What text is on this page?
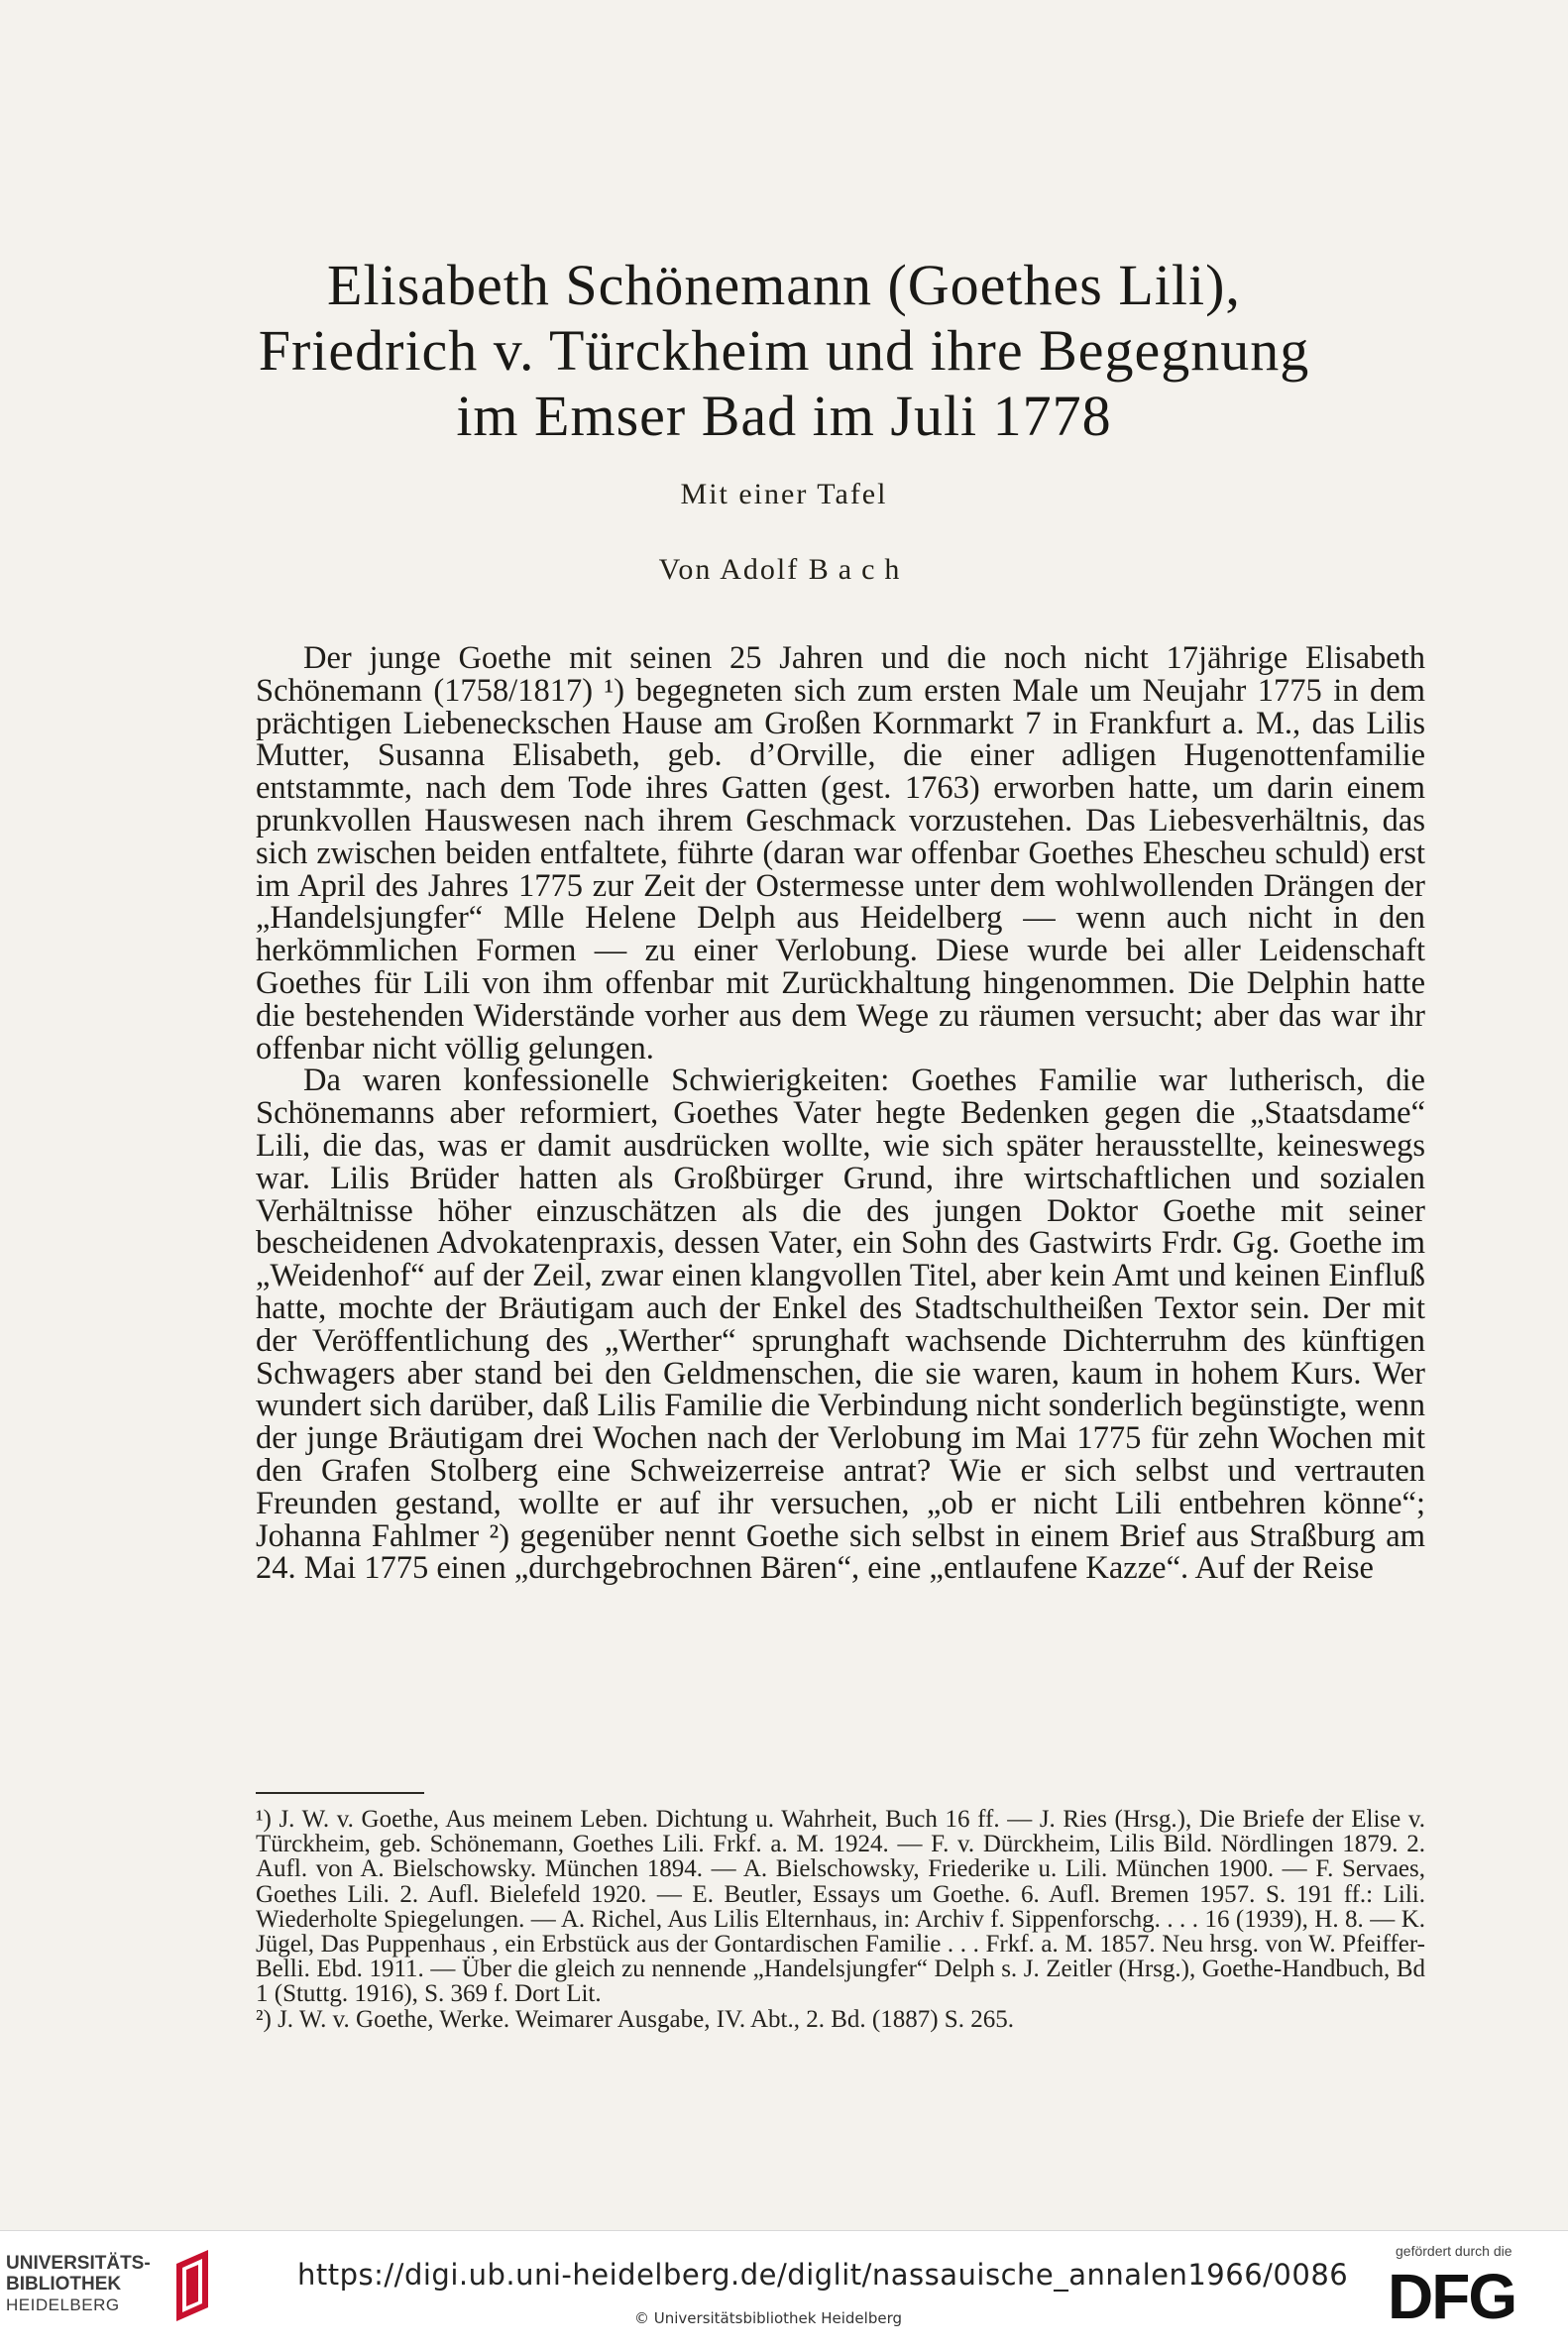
Elisabeth Schönemann (Goethes Lili),
Friedrich v. Türckheim und ihre Begegnung
im Emser Bad im Juli 1778
Mit einer Tafel
Von Adolf Bach

Der junge Goethe mit seinen 25 Jahren und die noch nicht 17jährige Elisabeth Schönemann (1758/1817) ¹) begegneten sich zum ersten Male um Neujahr 1775 in dem prächtigen Liebeneckschen Hause am Großen Kornmarkt 7 in Frankfurt a. M., das Lilis Mutter, Susanna Elisabeth, geb. d’Orville, die einer adligen Hugenottenfamilie entstammte, nach dem Tode ihres Gatten (gest. 1763) erworben hatte, um darin einem prunkvollen Hauswesen nach ihrem Geschmack vorzustehen. Das Liebesverhältnis, das sich zwischen beiden entfaltete, führte (daran war offenbar Goethes Ehescheu schuld) erst im April des Jahres 1775 zur Zeit der Ostermesse unter dem wohlwollenden Drängen der „Handelsjungfer“ Mlle Helene Delph aus Heidelberg — wenn auch nicht in den herkömmlichen Formen — zu einer Verlobung. Diese wurde bei aller Leidenschaft Goethes für Lili von ihm offenbar mit Zurückhaltung hingenommen. Die Delphin hatte die bestehenden Widerstände vorher aus dem Wege zu räumen versucht; aber das war ihr offenbar nicht völlig gelungen.

Da waren konfessionelle Schwierigkeiten: Goethes Familie war lutherisch, die Schönemanns aber reformiert, Goethes Vater hegte Bedenken gegen die „Staatsdame“ Lili, die das, was er damit ausdrücken wollte, wie sich später herausstellte, keineswegs war. Lilis Brüder hatten als Großbürger Grund, ihre wirtschaftlichen und sozialen Verhältnisse höher einzuschätzen als die des jungen Doktor Goethe mit seiner bescheidenen Advokatenpraxis, dessen Vater, ein Sohn des Gastwirts Frdr. Gg. Goethe im „Weidenhof“ auf der Zeil, zwar einen klangvollen Titel, aber kein Amt und keinen Einfluß hatte, mochte der Bräutigam auch der Enkel des Stadtschultheißen Textor sein. Der mit der Veröffentlichung des „Werther“ sprunghaft wachsende Dichterruhm des künftigen Schwagers aber stand bei den Geldmenschen, die sie waren, kaum in hohem Kurs. Wer wundert sich darüber, daß Lilis Familie die Verbindung nicht sonderlich begünstigte, wenn der junge Bräutigam drei Wochen nach der Verlobung im Mai 1775 für zehn Wochen mit den Grafen Stolberg eine Schweizerreise antrat? Wie er sich selbst und vertrauten Freunden gestand, wollte er auf ihr versuchen, „ob er nicht Lili entbehren könne“; Johanna Fahlmer ²) gegenüber nennt Goethe sich selbst in einem Brief aus Straßburg am 24. Mai 1775 einen „durchgebrochnen Bären“, eine „entlaufene Kazze“. Auf der Reise

¹) J. W. v. Goethe, Aus meinem Leben. Dichtung u. Wahrheit, Buch 16 ff. — J. Ries (Hrsg.), Die Briefe der Elise v. Türckheim, geb. Schönemann, Goethes Lili. Frkf. a. M. 1924. — F. v. Dürckheim, Lilis Bild. Nördlingen 1879. 2. Aufl. von A. Bielschowsky. München 1894. — A. Bielschowsky, Friederike u. Lili. München 1900. — F. Servaes, Goethes Lili. 2. Aufl. Bielefeld 1920. — E. Beutler, Essays um Goethe. 6. Aufl. Bremen 1957. S. 191 ff.: Lili. Wiederholte Spiegelungen. — A. Richel, Aus Lilis Elternhaus, in: Archiv f. Sippenforschg. . . . 16 (1939), H. 8. — K. Jügel, Das Puppenhaus , ein Erbstück aus der Gontardischen Familie . . . Frkf. a. M. 1857. Neu hrsg. von W. Pfeiffer-Belli. Ebd. 1911. — Über die gleich zu nennende „Handelsjungfer“ Delph s. J. Zeitler (Hrsg.), Goethe-Handbuch, Bd 1 (Stuttg. 1916), S. 369 f. Dort Lit.

²) J. W. v. Goethe, Werke. Weimarer Ausgabe, IV. Abt., 2. Bd. (1887) S. 265.

UNIVERSITÄTS-
BIBLIOTHEK
HEIDELBERG
https://digi.ub.uni-heidelberg.de/diglit/nassauische_annalen1966/0086
© Universitätsbibliothek Heidelberg
gefördert durch die
DFG
